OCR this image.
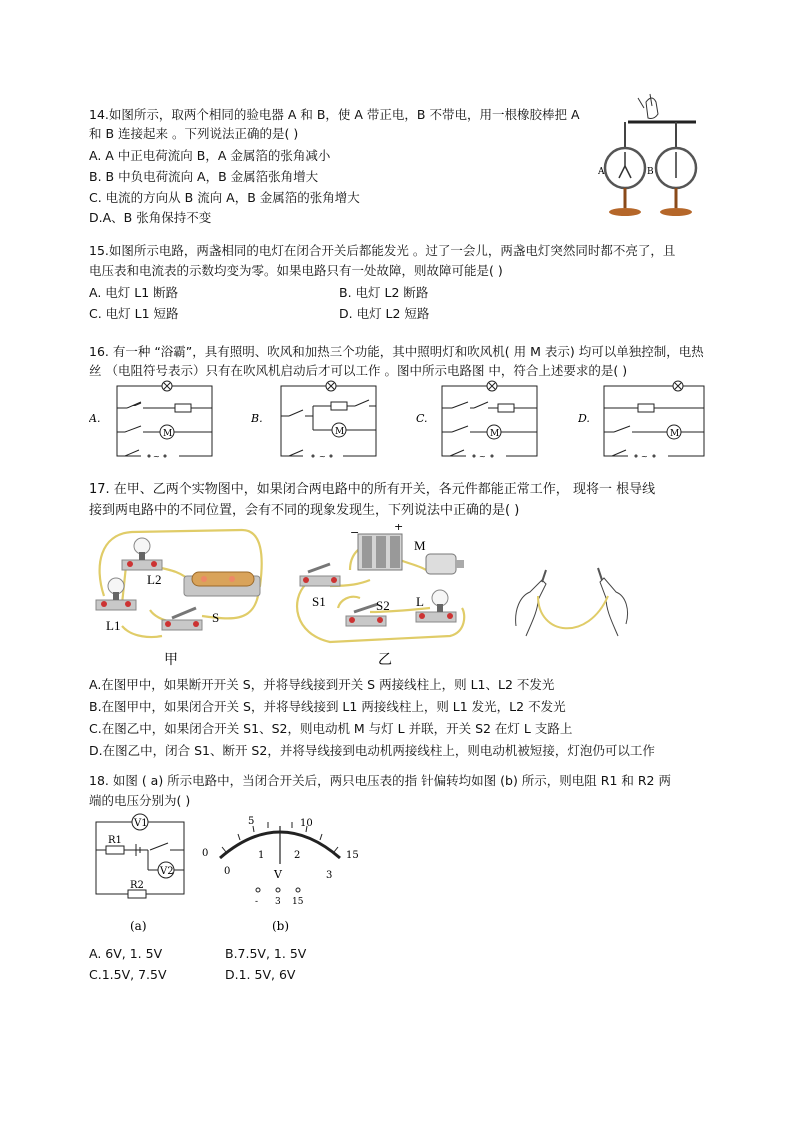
14.如图所示，取两个相同的验电器 A 和 B，使 A 带正电，B 不带电，用一根橡胶棒把 A
和 B 连接起来 。下列说法正确的是( )
A. A 中正电荷流向 B，A 金属箔的张角减小
B. B 中负电荷流向 A，B 金属箔张角增大
C. 电流的方向从 B 流向 A，B 金属箔的张角增大
D.A、B 张角保持不变
A	B
15.如图所示电路，两盏相同的电灯在闭合开关后都能发光 。过了一会儿，两盏电灯突然同时都不亮了，且
电压表和电流表的示数均变为零。如果电路只有一处故障，则故障可能是( )
A. 电灯 L1 断路	B. 电灯 L2 断路
C. 电灯 L1 短路	D. 电灯 L2 短路
16. 有一种 “浴霸”，具有照明、吹风和加热三个功能，其中照明灯和吹风机( 用 M 表示) 均可以单独控制，电热
丝 （电阻符号表示）只有在吹风机启动后才可以工作 。图中所示电路图 中，符合上述要求的是( )
A.
M
~
B.
M
~
C.
M
~
D.
M
~
17. 在甲、乙两个实物图中，如果闭合两电路中的所有开关，各元件都能正常工作， 现将一 根导线
接到两电路中的不同位置，会有不同的现象发现生，下列说法中正确的是( )
L2
L1
S
甲
−	+
M
S1	S2 L
乙
A.在图甲中，如果断开开关 S，并将导线接到开关 S 两接线柱上，则 L1、L2 不发光
B.在图甲中，如果闭合开关 S，并将导线接到 L1 两接线柱上，则 L1 发光，L2 不发光
C.在图乙中，如果闭合开关 S1、S2，则电动机 M 与灯 L 并联，开关 S2 在灯 L 支路上
D.在图乙中，闭合 S1、断开 S2，并将导线接到电动机两接线柱上，则电动机被短接，灯泡仍可以工作
18. 如图 ( a) 所示电路中，当闭合开关后，两只电压表的指 针偏转均如图 (b) 所示，则电阻 R1 和 R2 两
端的电压分别为( )
V1
R1
V2
R2
(a)
0
5	10
15
0
1	2
3
V
- 3 15
(b)
A. 6V, 1. 5V	B.7.5V, 1. 5V
C.1.5V, 7.5V	D.1. 5V, 6V
